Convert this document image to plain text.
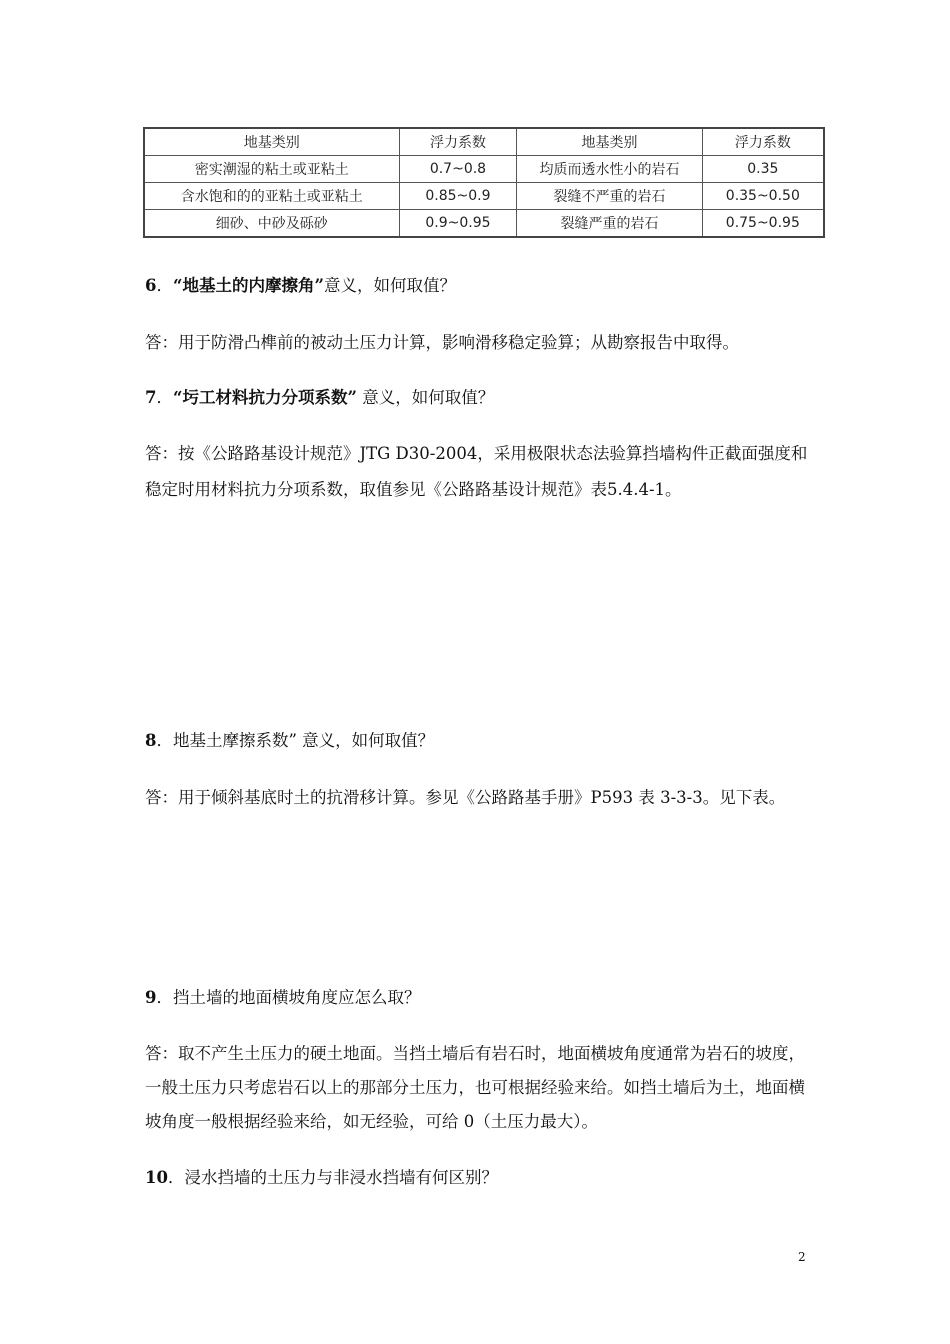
地基类别	浮力系数	地基类别	浮力系数
密实潮湿的粘土或亚粘土	0.7~0.8	均质而透水性小的岩石	0.35
含水饱和的的亚粘土或亚粘土	0.85~0.9	裂缝不严重的岩石	0.35~0.50
细砂、中砂及砾砂	0.9~0.95	裂缝严重的岩石	0.75~0.95
6．“地基土的内摩擦角”意义，如何取值？
答：用于防滑凸榫前的被动土压力计算，影响滑移稳定验算；从勘察报告中取得。
7．“圬工材料抗力分项系数” 意义，如何取值？
答：按《公路路基设计规范》JTG D30-2004，采用极限状态法验算挡墙构件正截面强度和
稳定时用材料抗力分项系数，取值参见《公路路基设计规范》表5.4.4-1。
8．地基土摩擦系数” 意义，如何取值？
答：用于倾斜基底时土的抗滑移计算。参见《公路路基手册》P593 表 3-3-3。见下表。
9．挡土墙的地面横坡角度应怎么取？
答：取不产生土压力的硬土地面。当挡土墙后有岩石时，地面横坡角度通常为岩石的坡度，
一般土压力只考虑岩石以上的那部分土压力，也可根据经验来给。如挡土墙后为土，地面横
坡角度一般根据经验来给，如无经验，可给 0（土压力最大）。
10．浸水挡墙的土压力与非浸水挡墙有何区别？
2
